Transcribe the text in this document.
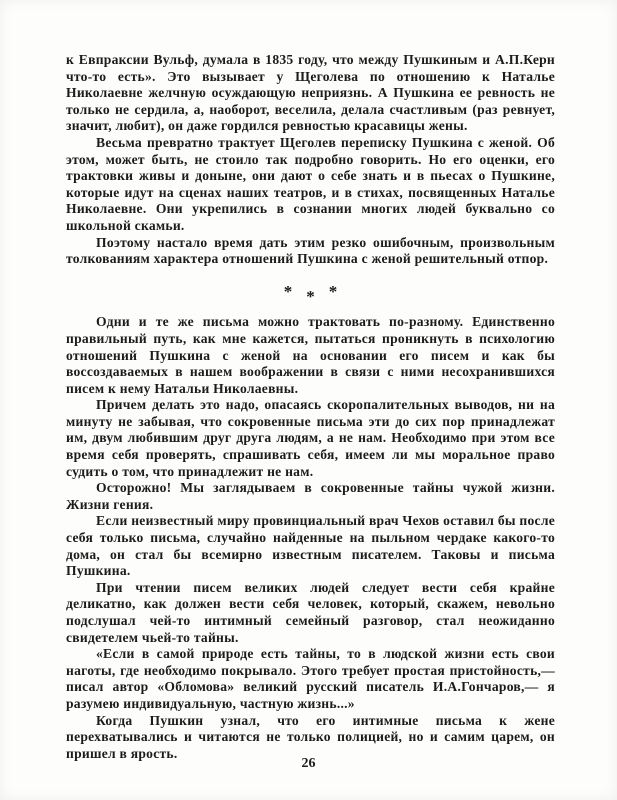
к Евпраксии Вульф, думала в 1835 году, что между Пушкиным и А.П.Керн что-то есть». Это вызывает у Щеголева по отношению к Наталье Николаевне желчную осуждающую неприязнь. А Пушкина ее ревность не только не сердила, а, наоборот, веселила, делала счастливым (раз ревнует, значит, любит), он даже гордился ревностью красавицы жены.

Весьма превратно трактует Щеголев переписку Пушкина с женой. Об этом, может быть, не стоило так подробно говорить. Но его оценки, его трактовки живы и доныне, они дают о себе знать и в пьесах о Пушкине, которые идут на сценах наших театров, и в стихах, посвященных Наталье Николаевне. Они укрепились в сознании многих людей буквально со школьной скамьи.

Поэтому настало время дать этим резко ошибочным, произвольным толкованиям характера отношений Пушкина с женой решительный отпор.

* * *

Одни и те же письма можно трактовать по-разному. Единственно правильный путь, как мне кажется, пытаться проникнуть в психологию отношений Пушкина с женой на основании его писем и как бы воссоздаваемых в нашем воображении в связи с ними несохранившихся писем к нему Натальи Николаевны.

Причем делать это надо, опасаясь скоропалительных выводов, ни на минуту не забывая, что сокровенные письма эти до сих пор принадлежат им, двум любившим друг друга людям, а не нам. Необходимо при этом все время себя проверять, спрашивать себя, имеем ли мы моральное право судить о том, что принадлежит не нам.

Осторожно! Мы заглядываем в сокровенные тайны чужой жизни. Жизни гения.

Если неизвестный миру провинциальный врач Чехов оставил бы после себя только письма, случайно найденные на пыльном чердаке какого-то дома, он стал бы всемирно известным писателем. Таковы и письма Пушкина.

При чтении писем великих людей следует вести себя крайне деликатно, как должен вести себя человек, который, скажем, невольно подслушал чей-то интимный семейный разговор, стал неожиданно свидетелем чьей-то тайны.

«Если в самой природе есть тайны, то в людской жизни есть свои наготы, где необходимо покрывало. Этого требует простая пристойность,— писал автор «Обломова» великий русский писатель И.А.Гончаров,— я разумею индивидуальную, частную жизнь...»

Когда Пушкин узнал, что его интимные письма к жене перехватывались и читаются не только полицией, но и самим царем, он пришел в ярость.

26
